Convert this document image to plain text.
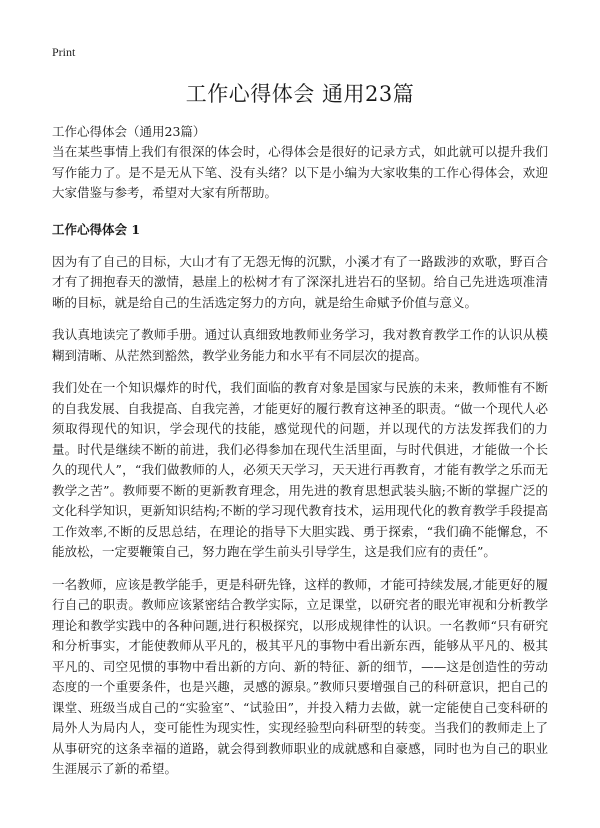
Print
工作心得体会 通用23篇
工作心得体会（通用23篇）

当在某些事情上我们有很深的体会时，心得体会是很好的记录方式，如此就可以提升我们写作能力了。是不是无从下笔、没有头绪？以下是小编为大家收集的工作心得体会，欢迎大家借鉴与参考，希望对大家有所帮助。

工作心得体会 1

因为有了自己的目标，大山才有了无怨无悔的沉默，小溪才有了一路跋涉的欢歌，野百合才有了拥抱春天的激情，悬崖上的松树才有了深深扎进岩石的坚韧。给自己先进选项准清晰的目标，就是给自己的生活选定努力的方向，就是给生命赋予价值与意义。

我认真地读完了教师手册。通过认真细致地教师业务学习，我对教育教学工作的认识从模糊到清晰、从茫然到豁然，教学业务能力和水平有不同层次的提高。

我们处在一个知识爆炸的时代，我们面临的教育对象是国家与民族的未来，教师惟有不断的自我发展、自我提高、自我完善，才能更好的履行教育这神圣的职责。“做一个现代人必须取得现代的知识，学会现代的技能，感觉现代的问题，并以现代的方法发挥我们的力量。时代是继续不断的前进，我们必得参加在现代生活里面，与时代俱进，才能做一个长久的现代人”，“我们做教师的人，必须天天学习，天天进行再教育，才能有教学之乐而无教学之苦”。教师要不断的更新教育理念，用先进的教育思想武装头脑;不断的掌握广泛的文化科学知识，更新知识结构;不断的学习现代教育技术，运用现代化的教育教学手段提高工作效率,不断的反思总结，在理论的指导下大胆实践、勇于探索，“我们确不能懈怠，不能放松，一定要鞭策自己，努力跑在学生前头引导学生，这是我们应有的责任”。

一名教师，应该是教学能手，更是科研先锋，这样的教师，才能可持续发展,才能更好的履行自己的职责。教师应该紧密结合教学实际，立足课堂，以研究者的眼光审视和分析教学理论和教学实践中的各种问题,进行积极探究，以形成规律性的认识。一名教师“只有研究和分析事实，才能使教师从平凡的，极其平凡的事物中看出新东西，能够从平凡的、极其平凡的、司空见惯的事物中看出新的方向、新的特征、新的细节，——这是创造性的劳动态度的一个重要条件，也是兴趣，灵感的源泉。”教师只要增强自己的科研意识，把自己的课堂、班级当成自己的“实验室”、“试验田”，并投入精力去做，就一定能使自己变科研的局外人为局内人，变可能性为现实性，实现经验型向科研型的转变。当我们的教师走上了从事研究的这条幸福的道路，就会得到教师职业的成就感和自豪感，同时也为自己的职业生涯展示了新的希望。
